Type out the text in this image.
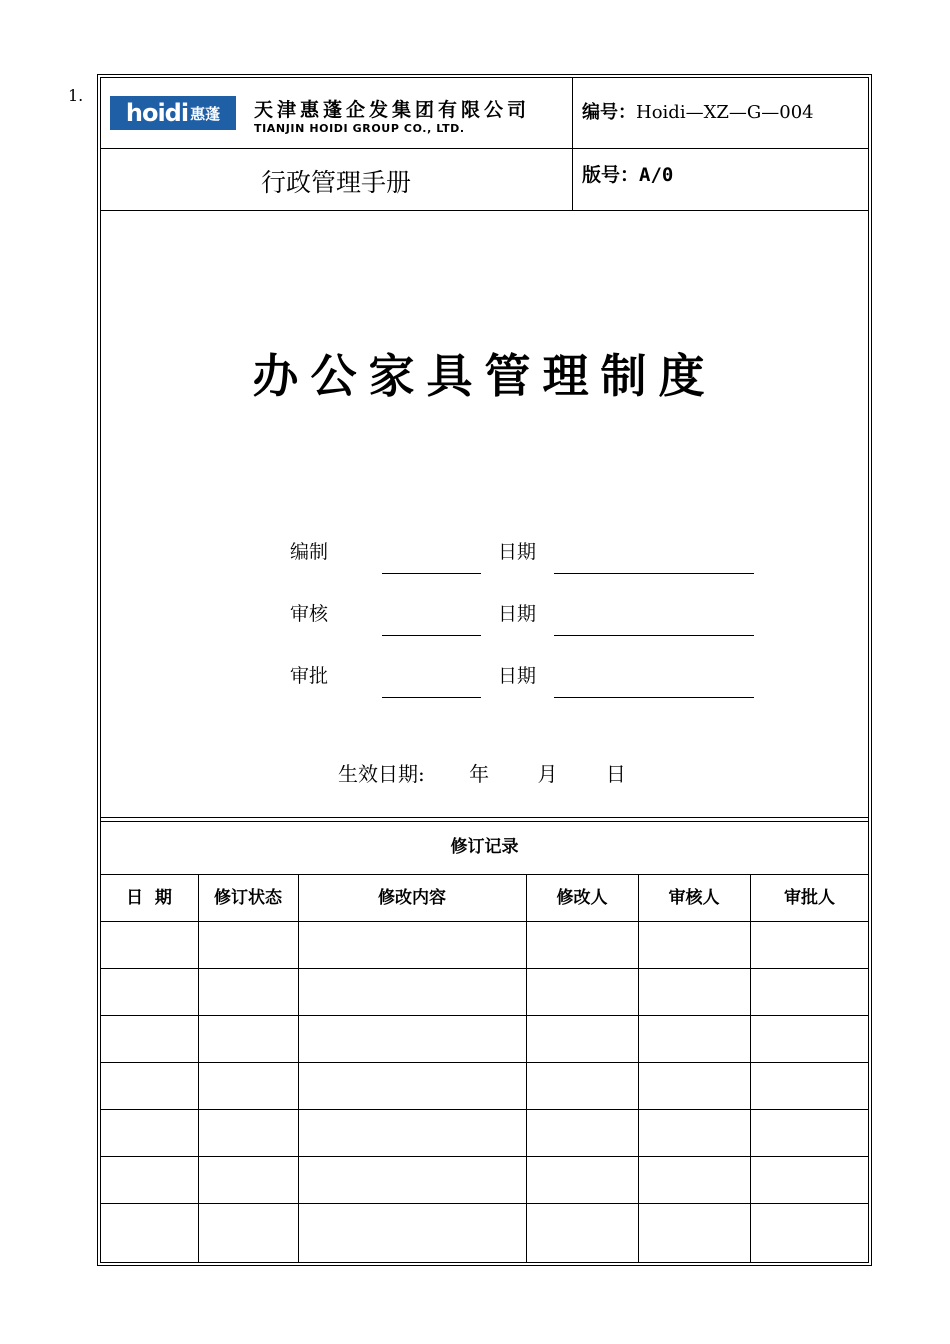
1.
hoidi 惠蓬 天津惠蓬企发集团有限公司
TIANJIN HOIDI GROUP CO., LTD.
编号：Hoidi—XZ—G—004
行政管理手册	版号：A/0
办公家具管理制度
编制	日期
审核	日期
审批	日期
生效日期: 年 月 日
修订记录
日  期	修订状态	修改内容	修改人	审核人	审批人
